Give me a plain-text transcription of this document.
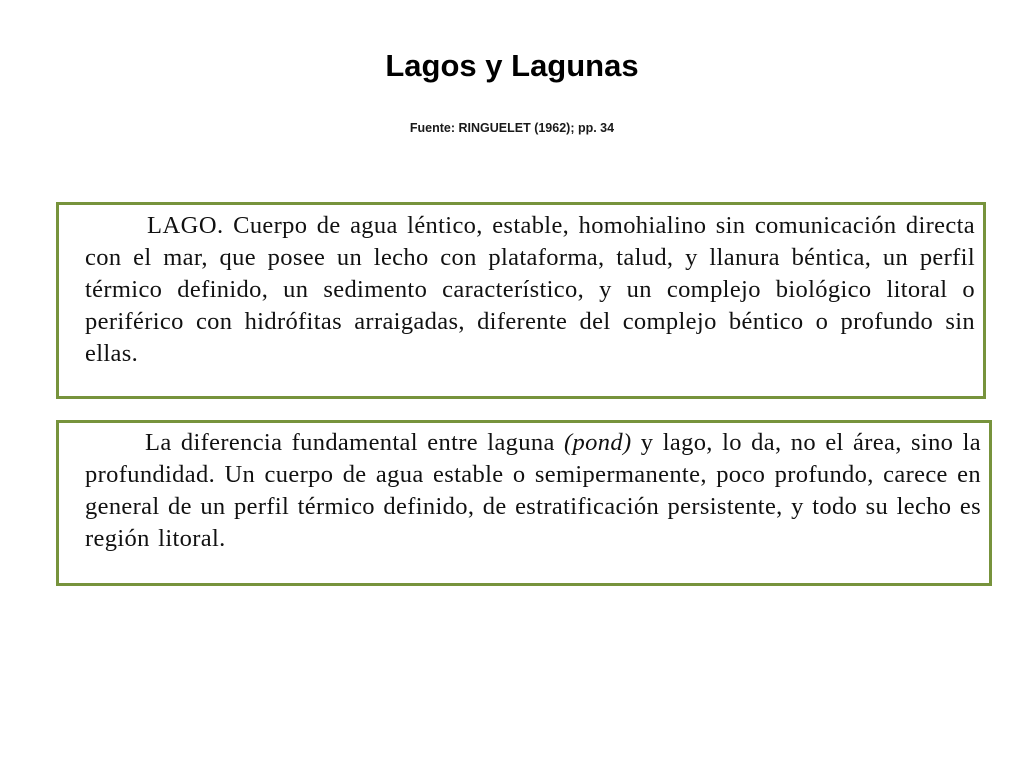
Lagos y Lagunas
Fuente: RINGUELET (1962); pp. 34

LAGO. Cuerpo de agua léntico, estable, homohialino sin comunicación directa con el mar, que posee un lecho con plataforma, talud, y llanura béntica, un perfil térmico definido, un sedimento característico, y un complejo biológico litoral o periférico con hidrófitas arraigadas, diferente del complejo béntico o profundo sin ellas.

La diferencia fundamental entre laguna (pond) y lago, lo da, no el área, sino la profundidad. Un cuerpo de agua estable o semipermanente, poco profundo, carece en general de un perfil térmico definido, de estratificación persistente, y todo su lecho es región litoral.
